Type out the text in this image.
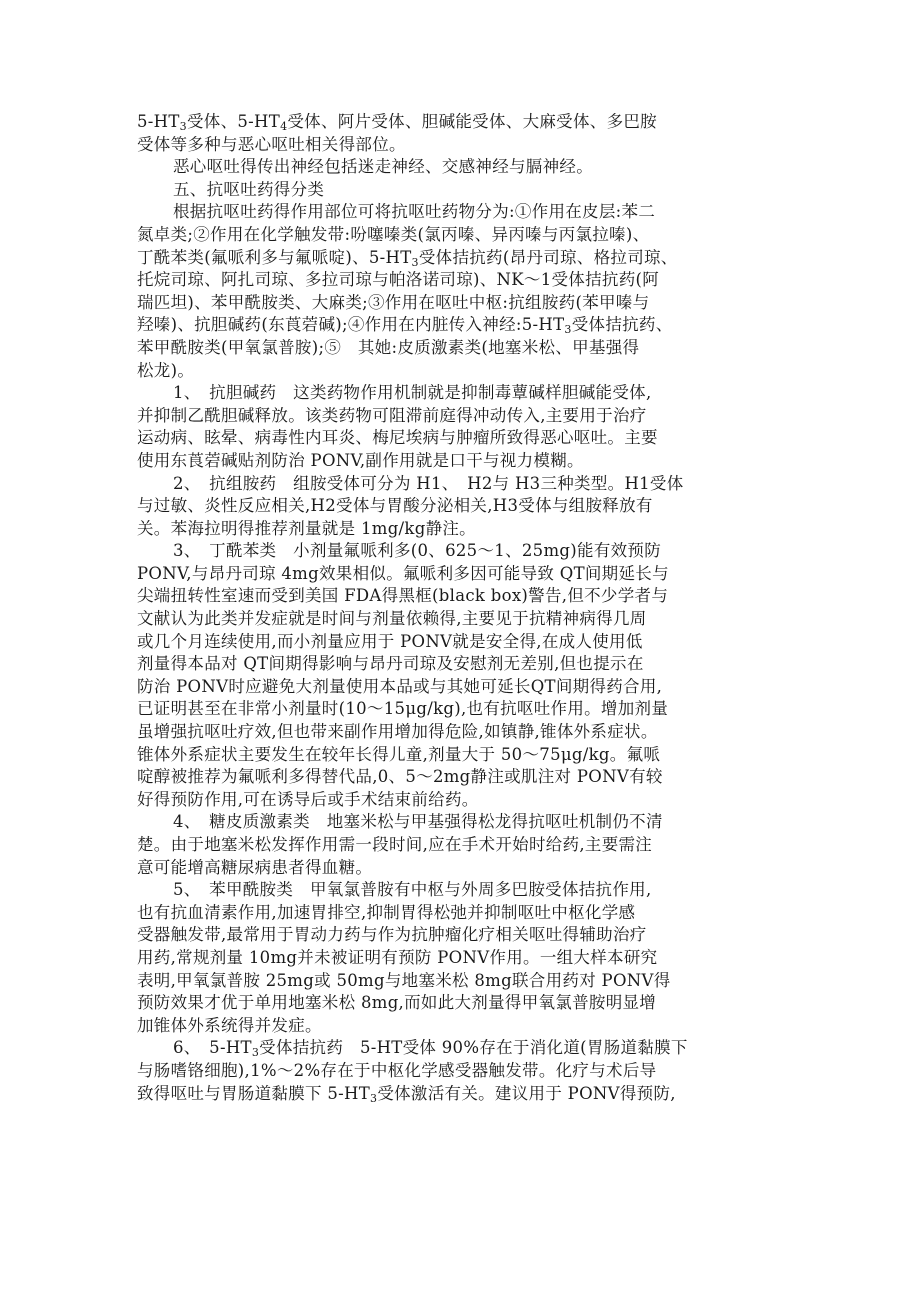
$5-HT_3$受体、$5-HT_4$受体、阿片受体、胆碱能受体、大麻受体、多巴胺
受体等多种与恶心呕吐相关得部位。
恶心呕吐得传出神经包括迷走神经、交感神经与膈神经。
五、抗呕吐药得分类
根据抗呕吐药得作用部位可将抗呕吐药物分为:①作用在皮层:苯二
氮卓类;②作用在化学触发带:吩噻嗪类(氯丙嗪、异丙嗪与丙氯拉嗪)、
丁酰苯类(氟哌利多与氟哌啶)、$5-HT_3$受体拮抗药(昂丹司琼、格拉司琼、
托烷司琼、阿扎司琼、多拉司琼与帕洛诺司琼)、NK～1受体拮抗药(阿
瑞匹坦)、苯甲酰胺类、大麻类;③作用在呕吐中枢:抗组胺药(苯甲嗪与
羟嗪)、抗胆碱药(东莨菪碱);④作用在内脏传入神经$:5-HT_3$受体拮抗药、
苯甲酰胺类(甲氧氯普胺);⑤　其她:皮质激素类(地塞米松、甲基强得
松龙)。
1、　抗胆碱药　这类药物作用机制就是抑制毒蕈碱样胆碱能受体,
并抑制乙酰胆碱释放。该类药物可阻滞前庭得冲动传入,主要用于治疗
运动病、眩晕、病毒性内耳炎、梅尼埃病与肿瘤所致得恶心呕吐。主要
使用东莨菪碱贴剂防治 PONV,副作用就是口干与视力模糊。
2、　抗组胺药　组胺受体可分为 H1、　H2与 H3三种类型。H1受体
与过敏、炎性反应相关,H2受体与胃酸分泌相关,H3受体与组胺释放有
关。苯海拉明得推荐剂量就是 1mg/kg静注。
3、　丁酰苯类　小剂量氟哌利多(0、625～1、25mg)能有效预防
PONV,与昂丹司琼 4mg效果相似。氟哌利多因可能导致 QT间期延长与
尖端扭转性室速而受到美国 FDA得黑框(black box)警告,但不少学者与
文献认为此类并发症就是时间与剂量依赖得,主要见于抗精神病得几周
或几个月连续使用,而小剂量应用于 PONV就是安全得,在成人使用低
剂量得本品对 QT间期得影响与昂丹司琼及安慰剂无差别,但也提示在
防治 PONV时应避免大剂量使用本品或与其她可延长QT间期得药合用,
已证明甚至在非常小剂量时(10～15μg/kg),也有抗呕吐作用。增加剂量
虽增强抗呕吐疗效,但也带来副作用增加得危险,如镇静,锥体外系症状。
锥体外系症状主要发生在较年长得儿童,剂量大于 50～75μg/kg。氟哌
啶醇被推荐为氟哌利多得替代品,0、5～2mg静注或肌注对 PONV有较
好得预防作用,可在诱导后或手术结束前给药。
4、　糖皮质激素类　地塞米松与甲基强得松龙得抗呕吐机制仍不清
楚。由于地塞米松发挥作用需一段时间,应在手术开始时给药,主要需注
意可能增高糖尿病患者得血糖。
5、　苯甲酰胺类　甲氧氯普胺有中枢与外周多巴胺受体拮抗作用,
也有抗血清素作用,加速胃排空,抑制胃得松弛并抑制呕吐中枢化学感
受器触发带,最常用于胃动力药与作为抗肿瘤化疗相关呕吐得辅助治疗
用药,常规剂量 10mg并未被证明有预防 PONV作用。一组大样本研究
表明,甲氧氯普胺 25mg或 50mg与地塞米松 8mg联合用药对 PONV得
预防效果才优于单用地塞米松 8mg,而如此大剂量得甲氧氯普胺明显增
加锥体外系统得并发症。
6、　$5-HT_3$受体拮抗药　5-HT受体 90%存在于消化道(胃肠道黏膜下
与肠嗜铬细胞),1%～2%存在于中枢化学感受器触发带。化疗与术后导
致得呕吐与胃肠道黏膜下 $5-HT_3$受体激活有关。建议用于 PONV得预防,
